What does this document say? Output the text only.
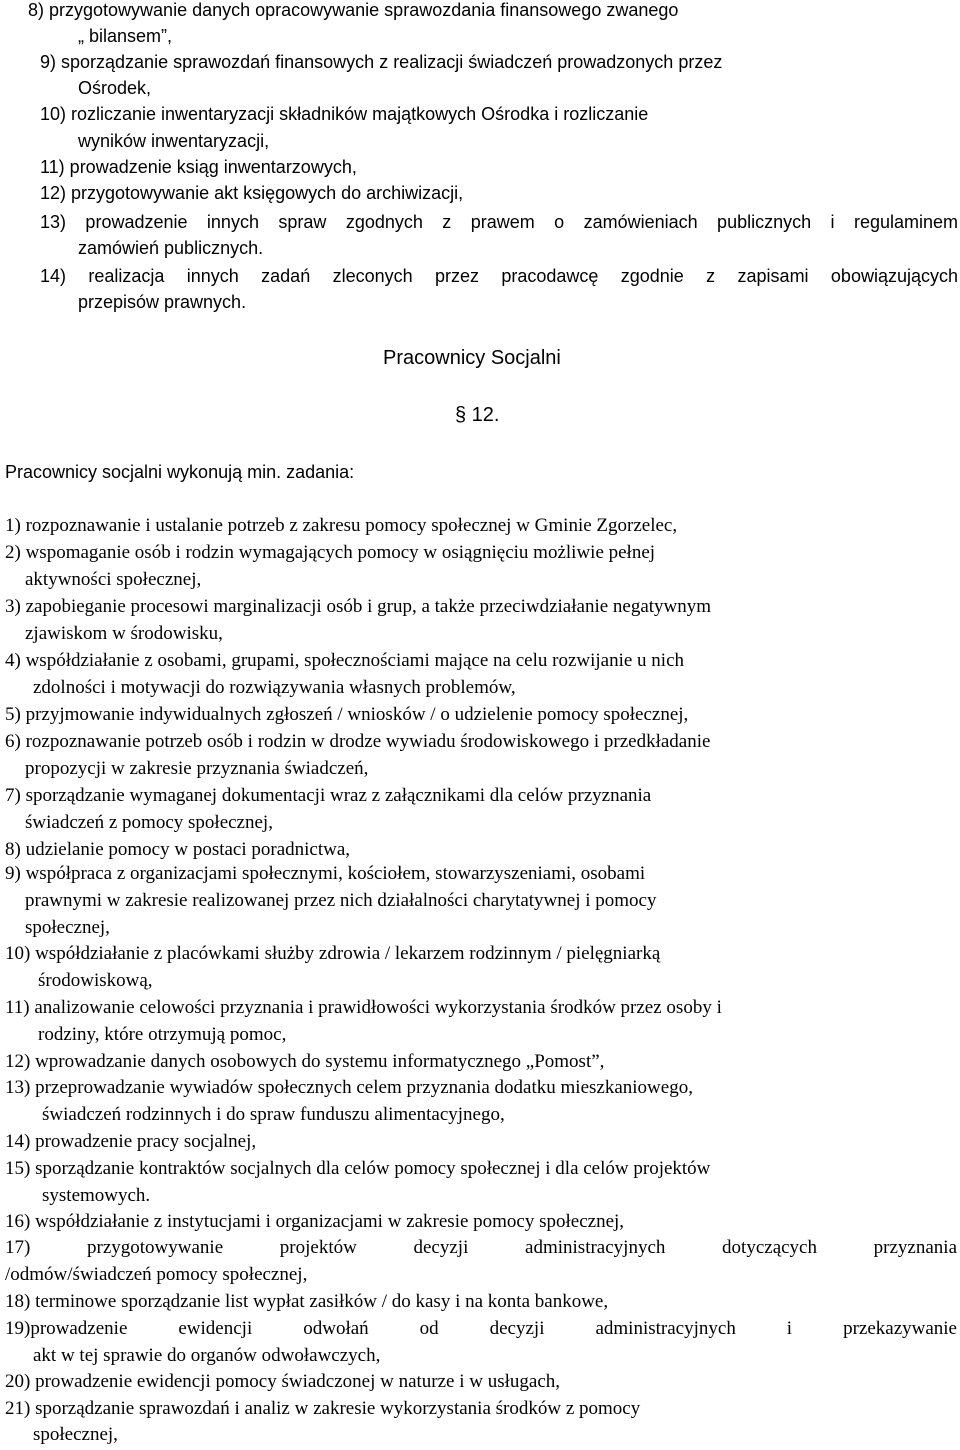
8) przygotowywanie danych opracowywanie sprawozdania finansowego zwanego
„ bilansem”,
9) sporządzanie sprawozdań finansowych z realizacji świadczeń prowadzonych przez
Ośrodek,
10) rozliczanie inwentaryzacji składników majątkowych Ośrodka i rozliczanie
wyników inwentaryzacji,
11) prowadzenie ksiąg inwentarzowych,
12) przygotowywanie akt księgowych do archiwizacji,
13) prowadzenie innych spraw zgodnych z prawem o zamówieniach publicznych i regulaminem
zamówień publicznych.
14) realizacja innych zadań zleconych przez pracodawcę zgodnie z zapisami obowiązujących
przepisów prawnych.
Pracownicy Socjalni
§ 12.
Pracownicy socjalni wykonują min. zadania:
1) rozpoznawanie i ustalanie potrzeb z zakresu pomocy społecznej w Gminie Zgorzelec,
2) wspomaganie osób i rodzin wymagających pomocy w osiągnięciu możliwie pełnej
aktywności społecznej,
3) zapobieganie procesowi marginalizacji osób i grup, a także przeciwdziałanie negatywnym
zjawiskom w środowisku,
4) współdziałanie z osobami, grupami, społecznościami mające na celu rozwijanie u nich
zdolności i motywacji do rozwiązywania własnych problemów,
5) przyjmowanie indywidualnych zgłoszeń / wniosków / o udzielenie pomocy społecznej,
6) rozpoznawanie potrzeb osób i rodzin w drodze wywiadu środowiskowego i przedkładanie
propozycji w zakresie przyznania świadczeń,
7) sporządzanie wymaganej dokumentacji wraz z załącznikami dla celów przyznania
świadczeń z pomocy społecznej,
8) udzielanie pomocy w postaci poradnictwa,
9) współpraca z organizacjami społecznymi, kościołem, stowarzyszeniami, osobami
prawnymi w zakresie realizowanej przez nich działalności charytatywnej i pomocy
społecznej,
10) współdziałanie z placówkami służby zdrowia / lekarzem rodzinnym / pielęgniarką
środowiskową,
11) analizowanie celowości przyznania i prawidłowości wykorzystania środków przez osoby i
rodziny, które otrzymują pomoc,
12) wprowadzanie danych osobowych do systemu informatycznego „Pomost”,
13) przeprowadzanie wywiadów społecznych celem przyznania dodatku mieszkaniowego,
świadczeń rodzinnych i do spraw funduszu alimentacyjnego,
14) prowadzenie pracy socjalnej,
15) sporządzanie kontraktów socjalnych dla celów pomocy społecznej i dla celów projektów
systemowych.
16) współdziałanie z instytucjami i organizacjami w zakresie pomocy społecznej,
17) przygotowywanie projektów decyzji administracyjnych dotyczących przyznania
/odmów/świadczeń pomocy społecznej,
18) terminowe sporządzanie list wypłat zasiłków / do kasy i na konta bankowe,
19)prowadzenie ewidencji odwołań od decyzji administracyjnych i przekazywanie
akt w tej sprawie do organów odwoławczych,
20) prowadzenie ewidencji pomocy świadczonej w naturze i w usługach,
21) sporządzanie sprawozdań i analiz w zakresie wykorzystania środków z pomocy
społecznej,
